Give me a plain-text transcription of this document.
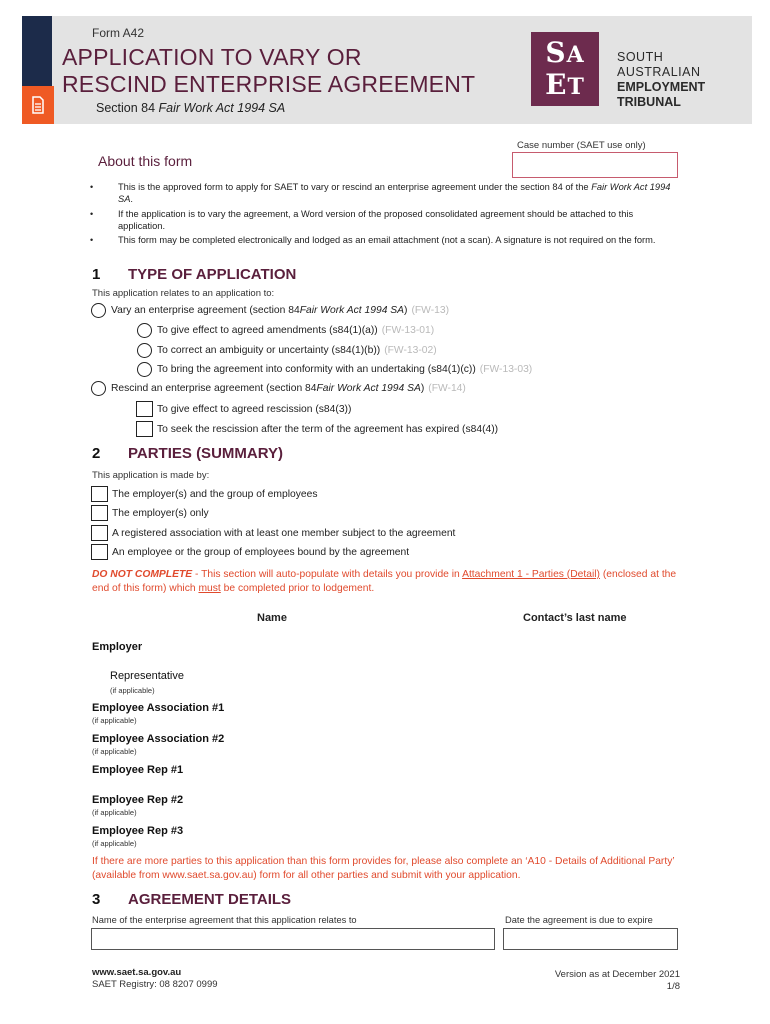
Form A42
APPLICATION TO VARY OR
RESCIND ENTERPRISE AGREEMENT
Section 84 Fair Work Act 1994 SA
SA
ET
SOUTH
AUSTRALIAN
EMPLOYMENT
TRIBUNAL
Case number (SAET use only)
About this form
•	This is the approved form to apply for SAET to vary or rescind an enterprise agreement under the section 84 of the Fair Work Act 1994 SA.
•	If the application is to vary the agreement, a Word version of the proposed consolidated agreement should be attached to this application.
•	This form may be completed electronically and lodged as an email attachment (not a scan). A signature is not required on the form.
1 TYPE OF APPLICATION
This application relates to an application to:
Vary an enterprise agreement (section 84 Fair Work Act 1994 SA ) (FW-13)
To give effect to agreed amendments (s84(1)(a)) (FW-13-01)
To correct an ambiguity or uncertainty (s84(1)(b)) (FW-13-02)
To bring the agreement into conformity with an undertaking (s84(1)(c)) (FW-13-03)
Rescind an enterprise agreement (section 84 Fair Work Act 1994 SA ) (FW-14)
To give effect to agreed rescission (s84(3))
To seek the rescission after the term of the agreement has expired (s84(4))
2 PARTIES (SUMMARY)
This application is made by:
The employer(s) and the group of employees
The employer(s) only
A registered association with at least one member subject to the agreement
An employee or the group of employees bound by the agreement
DO NOT COMPLETE - This section will auto-populate with details you provide in Attachment 1 - Parties (Detail) (enclosed at the end of this form) which must be completed prior to lodgement.
Name	Contact’s last name
Employer
Representative
(if applicable)
Employee Association #1
(if applicable)
Employee Association #2
(if applicable)
Employee Rep #1
Employee Rep #2
(if applicable)
Employee Rep #3
(if applicable)
If there are more parties to this application than this form provides for, please also complete an ‘A10 - Details of Additional Party’ (available from www.saet.sa.gov.au) form for all other parties and submit with your application.
3 AGREEMENT DETAILS
Name of the enterprise agreement that this application relates to	Date the agreement is due to expire
www.saet.sa.gov.au
SAET Registry: 08 8207 0999
Version as at December 2021
1/8
